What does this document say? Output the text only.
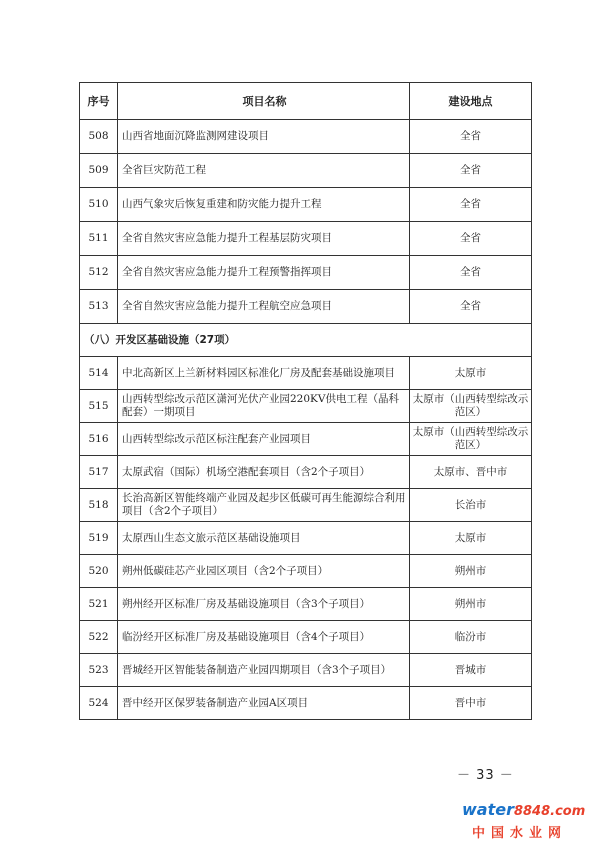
序号	项目名称	建设地点
508	山西省地面沉降监测网建设项目	全省
509	全省巨灾防范工程	全省
510	山西气象灾后恢复重建和防灾能力提升工程	全省
511	全省自然灾害应急能力提升工程基层防灾项目	全省
512	全省自然灾害应急能力提升工程预警指挥项目	全省
513	全省自然灾害应急能力提升工程航空应急项目	全省
（八）开发区基础设施（27项）		
514	中北高新区上兰新材料园区标准化厂房及配套基础设施项目	太原市
515	山西转型综改示范区潇河光伏产业园220KV供电工程（晶科配套）一期项目	太原市（山西转型综改示范区）
516	山西转型综改示范区标注配套产业园项目	太原市（山西转型综改示范区）
517	太原武宿（国际）机场空港配套项目（含2个子项目）	太原市、晋中市
518	长治高新区智能终端产业园及起步区低碳可再生能源综合利用项目（含2个子项目）	长治市
519	太原西山生态文旅示范区基础设施项目	太原市
520	朔州低碳硅芯产业园区项目（含2个子项目）	朔州市
521	朔州经开区标准厂房及基础设施项目（含3个子项目）	朔州市
522	临汾经开区标准厂房及基础设施项目（含4个子项目）	临汾市
523	晋城经开区智能装备制造产业园四期项目（含3个子项目）	晋城市
524	晋中经开区保罗装备制造产业园A区项目	晋中市
－ 33 －
water8848.com
中国水业网
